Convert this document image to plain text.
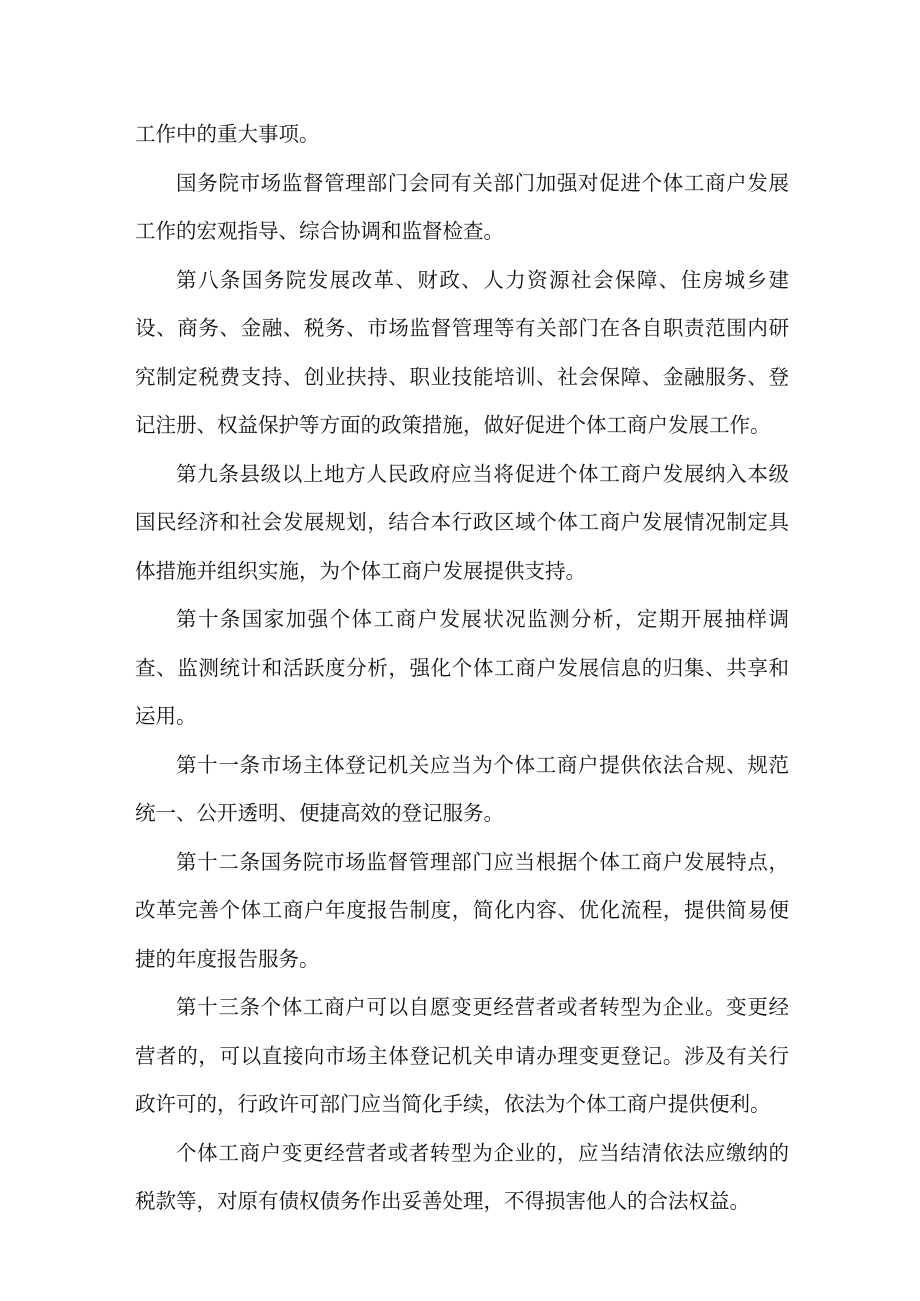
工作中的重大事项。

国务院市场监督管理部门会同有关部门加强对促进个体工商户发展工作的宏观指导、综合协调和监督检查。

第八条国务院发展改革、财政、人力资源社会保障、住房城乡建设、商务、金融、税务、市场监督管理等有关部门在各自职责范围内研究制定税费支持、创业扶持、职业技能培训、社会保障、金融服务、登记注册、权益保护等方面的政策措施，做好促进个体工商户发展工作。

第九条县级以上地方人民政府应当将促进个体工商户发展纳入本级国民经济和社会发展规划，结合本行政区域个体工商户发展情况制定具体措施并组织实施，为个体工商户发展提供支持。

第十条国家加强个体工商户发展状况监测分析，定期开展抽样调查、监测统计和活跃度分析，强化个体工商户发展信息的归集、共享和运用。

第十一条市场主体登记机关应当为个体工商户提供依法合规、规范统一、公开透明、便捷高效的登记服务。

第十二条国务院市场监督管理部门应当根据个体工商户发展特点，改革完善个体工商户年度报告制度，简化内容、优化流程，提供简易便捷的年度报告服务。

第十三条个体工商户可以自愿变更经营者或者转型为企业。变更经营者的，可以直接向市场主体登记机关申请办理变更登记。涉及有关行政许可的，行政许可部门应当简化手续，依法为个体工商户提供便利。

个体工商户变更经营者或者转型为企业的，应当结清依法应缴纳的税款等，对原有债权债务作出妥善处理，不得损害他人的合法权益。
